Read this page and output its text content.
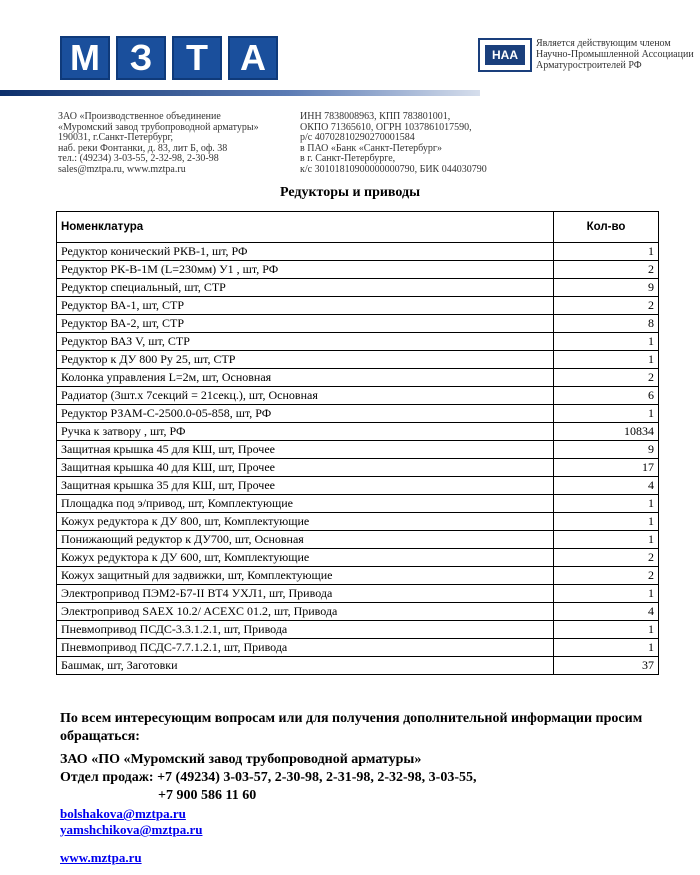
М З Т А	НАА
Является действующим членом Научно-Промышленной Ассоциации Арматуростроителей РФ
ЗАО «Производственное объединение
«Муромский завод трубопроводной арматуры»
190031, г.Санкт-Петербург,
наб. реки Фонтанки, д. 83, лит Б, оф. 38
тел.: (49234) 3-03-55, 2-32-98, 2-30-98
sales@mztpa.ru, www.mztpa.ru
ИНН 7838008963, КПП 783801001,
ОКПО 71365610, ОГРН 1037861017590,
р/с 40702810290270001584
в ПАО «Банк «Санкт-Петербург»
в г. Санкт-Петербурге,
к/с 30101810900000000790, БИК 044030790
Редукторы и приводы
Номенклатура	Кол-во
Редуктор конический РКВ-1, шт, РФ	1
Редуктор РК-В-1М (L=230мм) У1 , шт, РФ	2
Редуктор специальный, шт, СТР	9
Редуктор ВА-1, шт, СТР	2
Редуктор ВА-2, шт, СТР	8
Редуктор ВАЗ V, шт, СТР	1
Редуктор к ДУ 800 Ру 25, шт, СТР	1
Колонка управления L=2м, шт, Основная	2
Радиатор (3шт.х 7секций = 21секц.), шт, Основная	6
Редуктор РЗАМ-С-2500.0-05-858, шт, РФ	1
Ручка к затвору , шт, РФ	10834
Защитная крышка 45 для КШ, шт, Прочее	9
Защитная крышка 40 для КШ, шт, Прочее	17
Защитная крышка 35 для КШ, шт, Прочее	4
Площадка под э/привод, шт, Комплектующие	1
Кожух редуктора к ДУ 800, шт, Комплектующие	1
Понижающий редуктор к ДУ700, шт, Основная	1
Кожух редуктора к ДУ 600, шт, Комплектующие	2
Кожух защитный для задвижки, шт, Комплектующие	2
Электропривод ПЭМ2-Б7-II ВТ4 УХЛ1, шт, Привода	1
Электропривод SAEX 10.2/ ACEXC 01.2, шт, Привода	4
Пневмопривод ПСДС-3.3.1.2.1, шт, Привода	1
Пневмопривод ПСДС-7.7.1.2.1, шт, Привода	1
Башмак, шт, Заготовки	37

По всем интересующим вопросам или для получения дополнительной информации просим обращаться:

ЗАО «ПО «Муромский завод трубопроводной арматуры»
Отдел продаж: +7 (49234) 3-03-57, 2-30-98, 2-31-98, 2-32-98, 3-03-55,
+7 900 586 11 60
bolshakova@mztpa.ru
yamshchikova@mztpa.ru
www.mztpa.ru
